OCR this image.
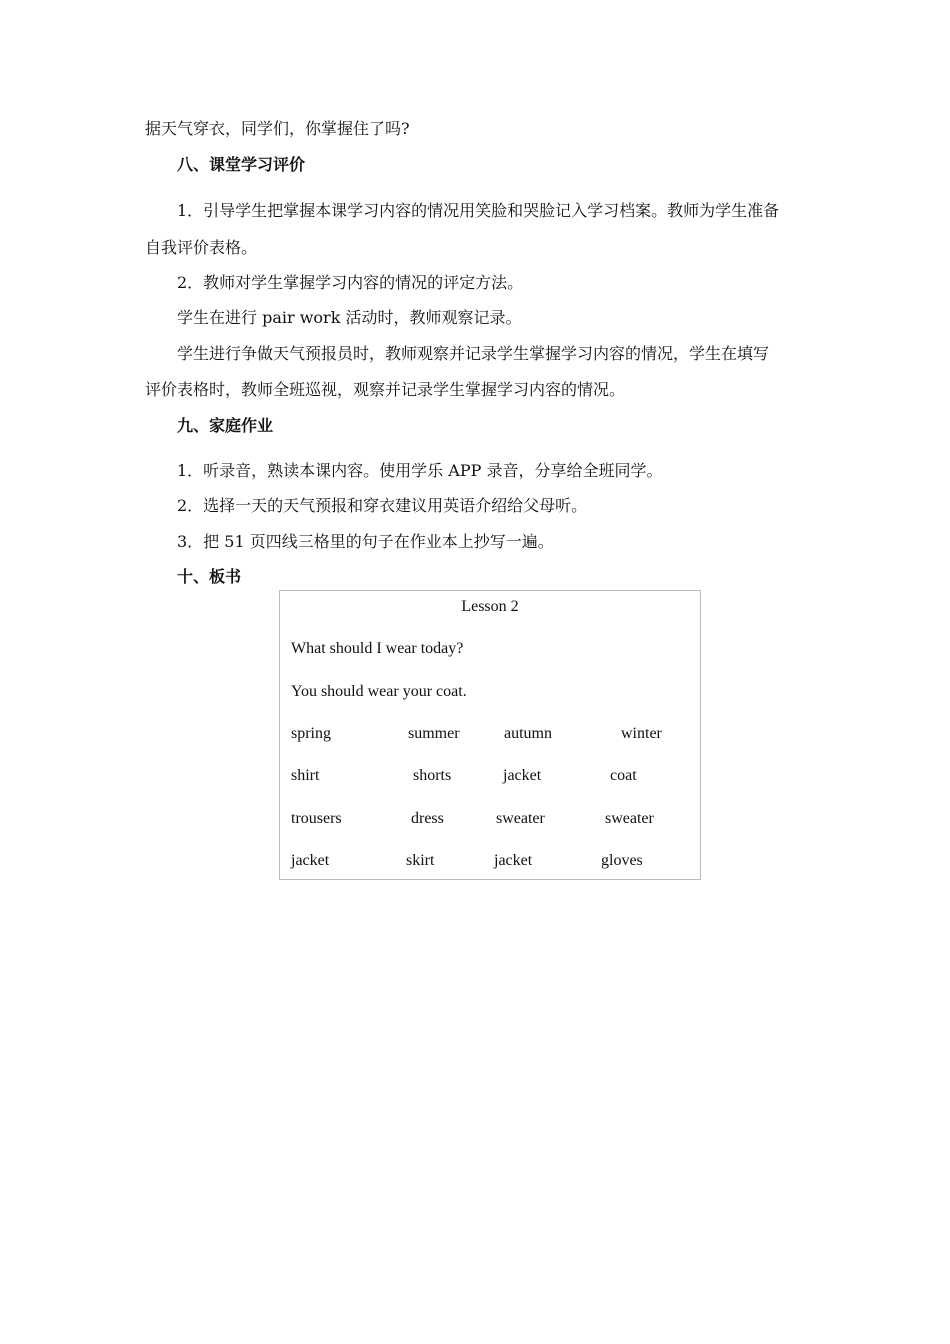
据天气穿衣，同学们，你掌握住了吗?
八、课堂学习评价
1．引导学生把掌握本课学习内容的情况用笑脸和哭脸记入学习档案。教师为学生准备
自我评价表格。
2．教师对学生掌握学习内容的情况的评定方法。
学生在进行 pair work 活动时，教师观察记录。
学生进行争做天气预报员时，教师观察并记录学生掌握学习内容的情况，学生在填写
评价表格时，教师全班巡视，观察并记录学生掌握学习内容的情况。
九、家庭作业
1．听录音，熟读本课内容。使用学乐 APP 录音，分享给全班同学。
2．选择一天的天气预报和穿衣建议用英语介绍给父母听。
3．把 51 页四线三格里的句子在作业本上抄写一遍。
十、板书
Lesson 2
What should I wear today?
You should wear your coat.
spring	summer	autumn	winter
shirt	shorts	jacket	coat
trousers	dress	sweater	sweater
jacket	skirt	jacket	gloves
